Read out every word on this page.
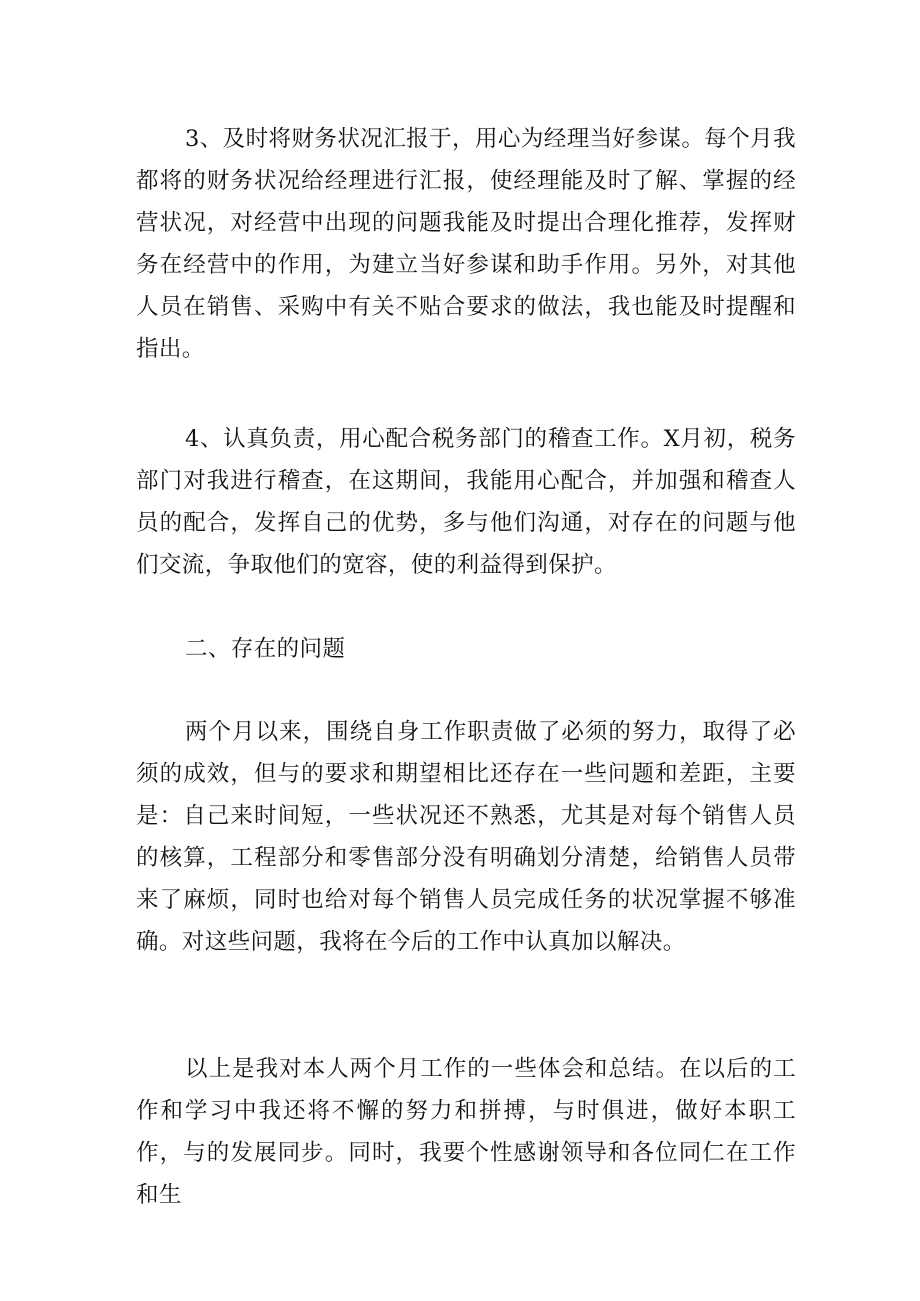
3、及时将财务状况汇报于，用心为经理当好参谋。每个月我都将的财务状况给经理进行汇报，使经理能及时了解、掌握的经营状况，对经营中出现的问题我能及时提出合理化推荐，发挥财务在经营中的作用，为建立当好参谋和助手作用。另外，对其他人员在销售、采购中有关不贴合要求的做法，我也能及时提醒和指出。

4、认真负责，用心配合税务部门的稽查工作。X月初，税务部门对我进行稽查，在这期间，我能用心配合，并加强和稽查人员的配合，发挥自己的优势，多与他们沟通，对存在的问题与他们交流，争取他们的宽容，使的利益得到保护。

二、存在的问题

两个月以来，围绕自身工作职责做了必须的努力，取得了必须的成效，但与的要求和期望相比还存在一些问题和差距，主要是：自己来时间短，一些状况还不熟悉，尤其是对每个销售人员的核算，工程部分和零售部分没有明确划分清楚，给销售人员带来了麻烦，同时也给对每个销售人员完成任务的状况掌握不够准确。对这些问题，我将在今后的工作中认真加以解决。

以上是我对本人两个月工作的一些体会和总结。在以后的工作和学习中我还将不懈的努力和拼搏，与时俱进，做好本职工作，与的发展同步。同时，我要个性感谢领导和各位同仁在工作和生
